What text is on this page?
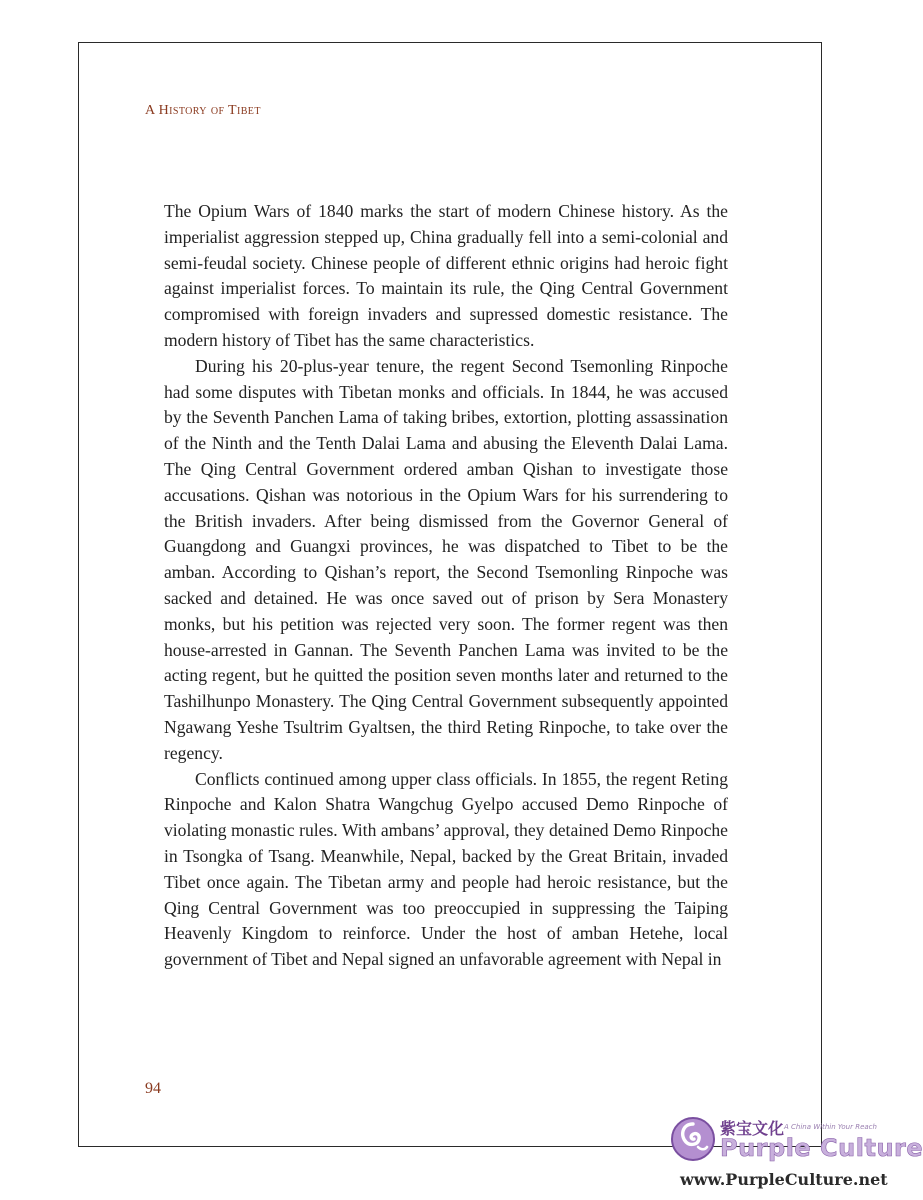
A History of Tibet

The Opium Wars of 1840 marks the start of modern Chinese history. As the imperialist aggression stepped up, China gradually fell into a semi-colonial and semi-feudal society. Chinese people of different ethnic origins had heroic fight against imperialist forces. To maintain its rule, the Qing Central Government compromised with foreign invaders and supressed domestic resistance. The modern history of Tibet has the same characteristics.

During his 20-plus-year tenure, the regent Second Tsemonling Rinpoche had some disputes with Tibetan monks and officials. In 1844, he was accused by the Seventh Panchen Lama of taking bribes, extortion, plotting assassination of the Ninth and the Tenth Dalai Lama and abusing the Eleventh Dalai Lama. The Qing Central Government ordered amban Qishan to investigate those accusations. Qishan was notorious in the Opium Wars for his surrendering to the British invaders. After being dismissed from the Governor General of Guangdong and Guangxi provinces, he was dispatched to Tibet to be the amban. According to Qishan’s report, the Second Tsemonling Rinpoche was sacked and detained. He was once saved out of prison by Sera Monastery monks, but his petition was rejected very soon. The former regent was then house-arrested in Gannan. The Seventh Panchen Lama was invited to be the acting regent, but he quitted the position seven months later and returned to the Tashilhunpo Monastery. The Qing Central Government subsequently appointed Ngawang Yeshe Tsultrim Gyaltsen, the third Reting Rinpoche, to take over the regency.

Conflicts continued among upper class officials. In 1855, the regent Reting Rinpoche and Kalon Shatra Wangchug Gyelpo accused Demo Rinpoche of violating monastic rules. With ambans’ approval, they detained Demo Rinpoche in Tsongka of Tsang. Meanwhile, Nepal, backed by the Great Britain, invaded Tibet once again. The Tibetan army and people had heroic resistance, but the Qing Central Government was too preoccupied in suppressing the Taiping Heavenly Kingdom to reinforce. Under the host of amban Hetehe, local government of Tibet and Nepal signed an unfavorable agreement with Nepal in

94
紫宝文化 A China Within Your Reach
Purple Culture
www.PurpleCulture.net
